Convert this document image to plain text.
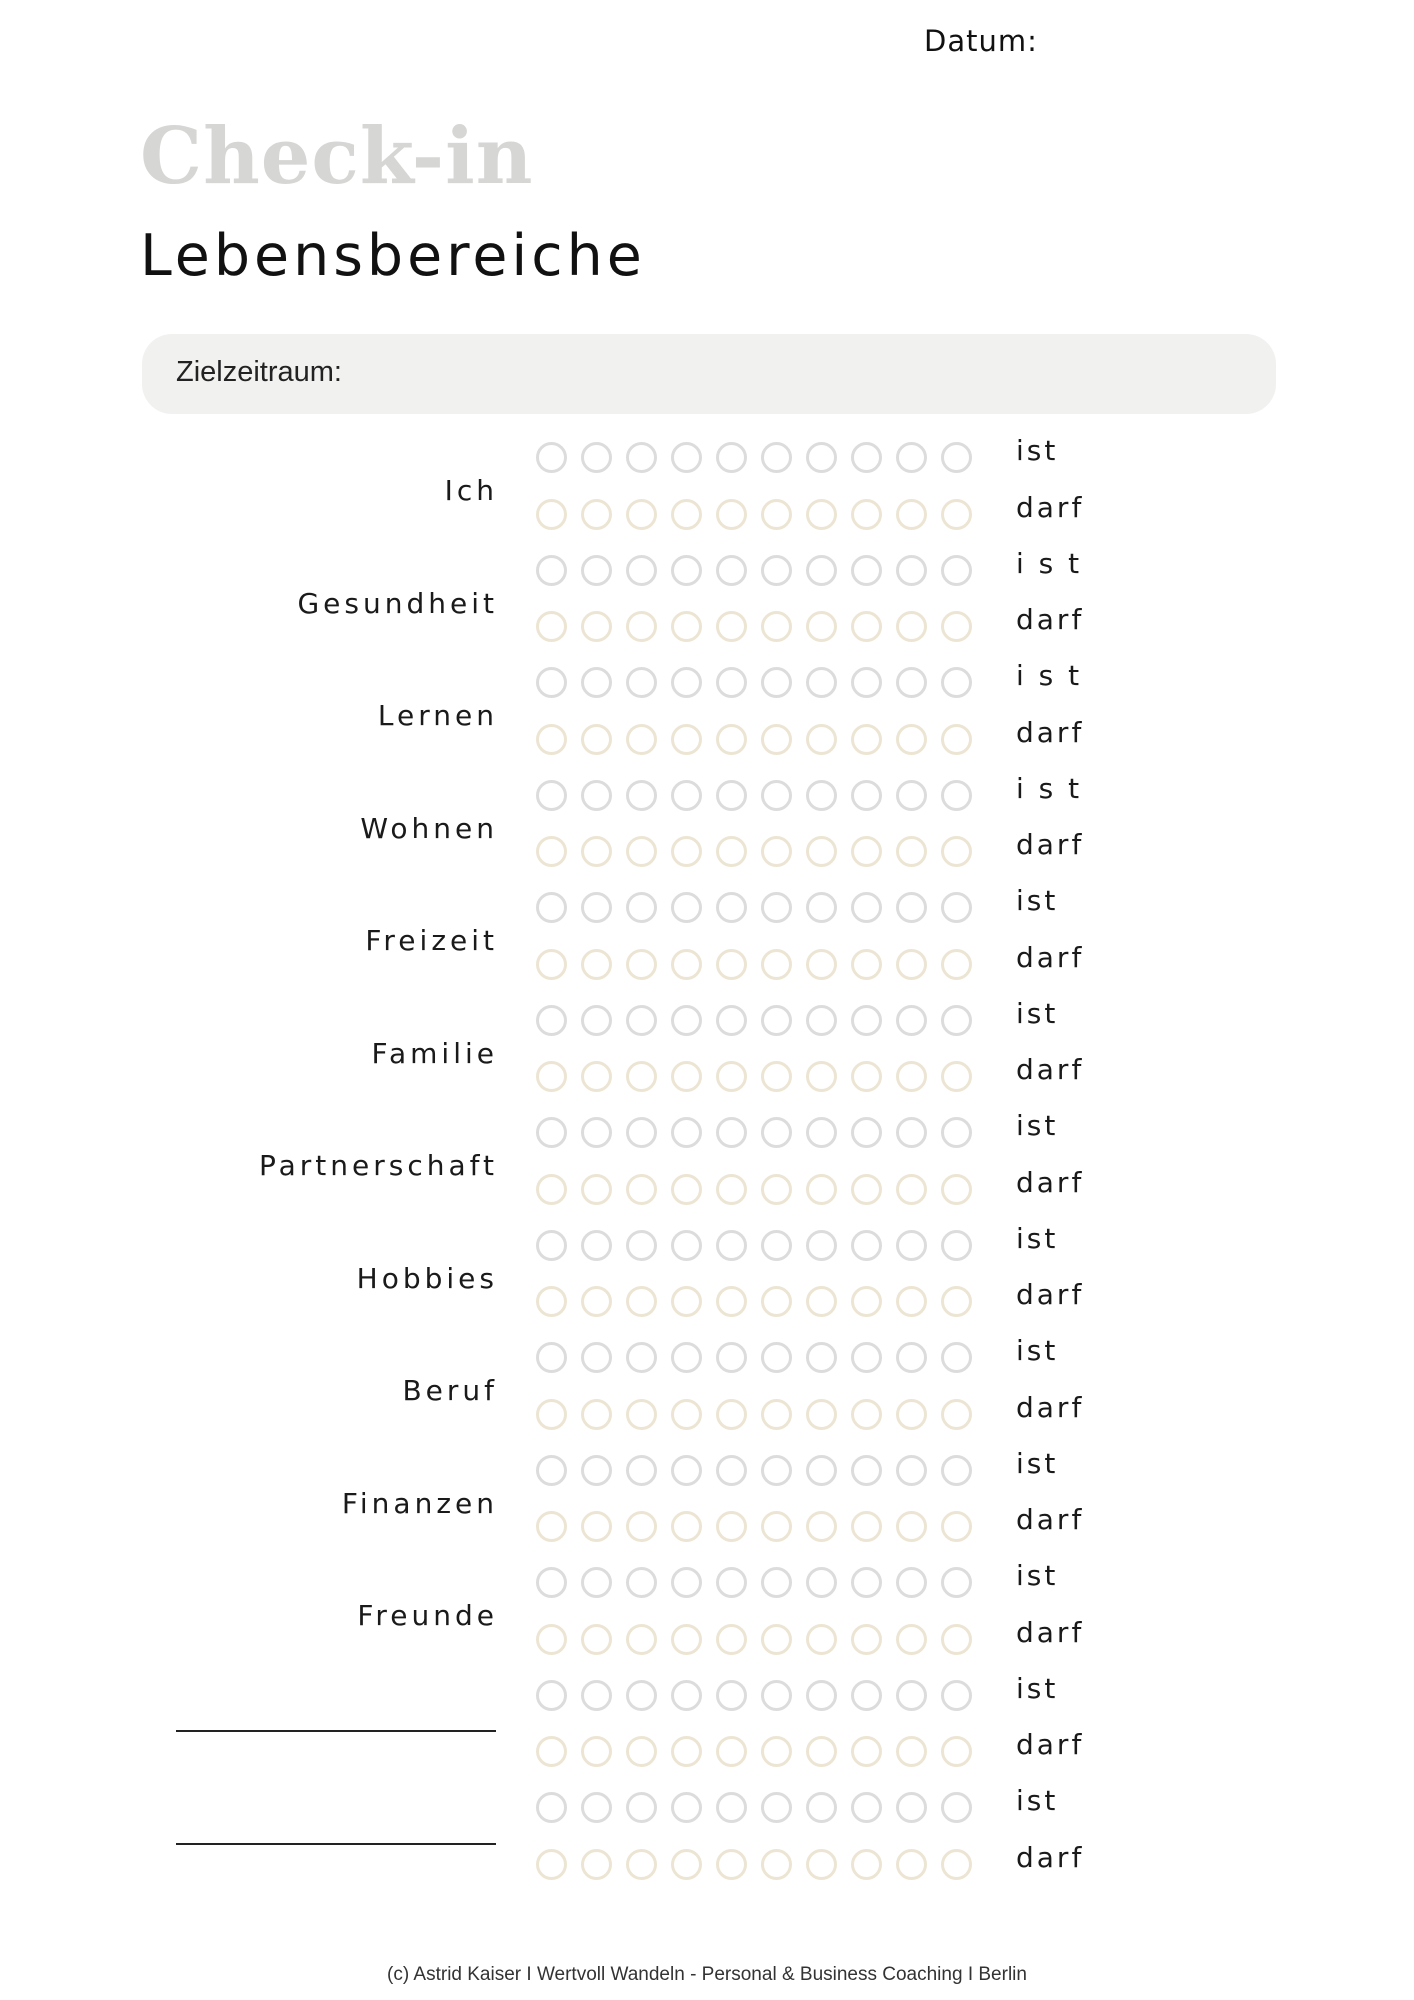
Datum:
Check-in
Lebensbereiche
Zielzeitraum:
Ich
ist
darf
Gesundheit
i s t
darf
Lernen
i s t
darf
Wohnen
i s t
darf
Freizeit
ist
darf
Familie
ist
darf
Partnerschaft
ist
darf
Hobbies
ist
darf
Beruf
ist
darf
Finanzen
ist
darf
Freunde
ist
darf
ist
darf
ist
darf
(c) Astrid Kaiser I Wertvoll Wandeln - Personal & Business Coaching I Berlin
